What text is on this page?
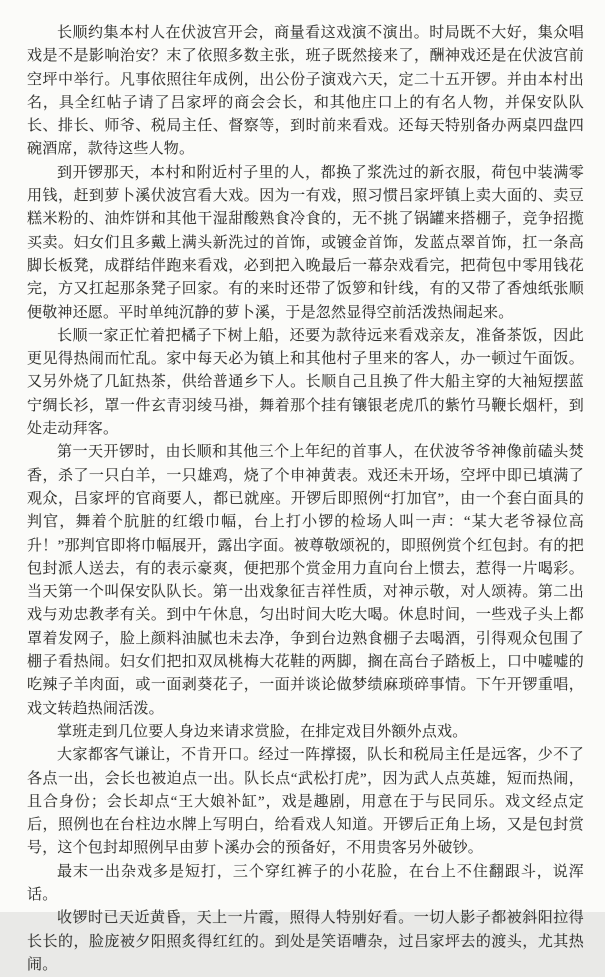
长顺约集本村人在伏波宫开会，商量看这戏演不演出。时局既不大好，集众唱戏是不是影响治安？末了依照多数主张，班子既然接来了，酬神戏还是在伏波宫前空坪中举行。凡事依照往年成例，出公份子演戏六天，定二十五开锣。并由本村出名，具全红帖子请了吕家坪的商会会长，和其他庄口上的有名人物，并保安队队长、排长、师爷、税局主任、督察等，到时前来看戏。还每天特别备办两桌四盘四碗酒席，款待这些人物。

到开锣那天，本村和附近村子里的人，都换了浆洗过的新衣服，荷包中装满零用钱，赶到萝卜溪伏波宫看大戏。因为一有戏，照习惯吕家坪镇上卖大面的、卖豆糕米粉的、油炸饼和其他干湿甜酸熟食冷食的，无不挑了锅罐来搭棚子，竞争招揽买卖。妇女们且多戴上满头新洗过的首饰，或镀金首饰，发蓝点翠首饰，扛一条高脚长板凳，成群结伴跑来看戏，必到把入晚最后一幕杂戏看完，把荷包中零用钱花完，方又扛起那条凳子回家。有的来时还带了饭箩和针线，有的又带了香烛纸张顺便敬神还愿。平时单纯沉静的萝卜溪，于是忽然显得空前活泼热闹起来。

长顺一家正忙着把橘子下树上船，还要为款待远来看戏亲友，准备茶饭，因此更见得热闹而忙乱。家中每天必为镇上和其他村子里来的客人，办一顿过午面饭。又另外烧了几缸热茶，供给普通乡下人。长顺自己且换了件大船主穿的大袖短摆蓝宁绸长衫，罩一件玄青羽绫马褂，舞着那个挂有镶银老虎爪的紫竹马鞭长烟杆，到处走动拜客。

第一天开锣时，由长顺和其他三个上年纪的首事人，在伏波爷爷神像前磕头焚香，杀了一只白羊，一只雄鸡，烧了个申神黄表。戏还未开场，空坪中即已填满了观众，吕家坪的官商要人，都已就座。开锣后即照例“打加官”，由一个套白面具的判官，舞着个肮脏的红缎巾幅，台上打小锣的检场人叫一声：“某大老爷禄位高升！”那判官即将巾幅展开，露出字面。被尊敬颂祝的，即照例赏个红包封。有的把包封派人送去，有的表示豪爽，便把那个赏金用力直向台上惯去，惹得一片喝彩。当天第一个叫保安队队长。第一出戏象征吉祥性质，对神示敬，对人颂祷。第二出戏与劝忠教孝有关。到中午休息，匀出时间大吃大喝。休息时间，一些戏子头上都罩着发网子，脸上颜料油腻也未去净，争到台边熟食棚子去喝酒，引得观众包围了棚子看热闹。妇女们把扣双凤桃梅大花鞋的两脚，搁在高台子踏板上，口中嘘嘘的吃辣子羊肉面，或一面剥葵花子，一面并谈论做梦绩麻琐碎事情。下午开锣重唱，戏文转趋热闹活泼。

掌班走到几位要人身边来请求赏脸，在排定戏目外额外点戏。

大家都客气谦让，不肯开口。经过一阵撑掇，队长和税局主任是远客，少不了各点一出，会长也被迫点一出。队长点“武松打虎”，因为武人点英雄，短而热闹，且合身份；会长却点“王大娘补缸”，戏是趣剧，用意在于与民同乐。戏文经点定后，照例也在台柱边水牌上写明白，给看戏人知道。开锣后正角上场，又是包封赏号，这个包封却照例早由萝卜溪办会的预备好，不用贵客另外破钞。

最末一出杂戏多是短打，三个穿红裤子的小花脸，在台上不住翻跟斗，说浑话。

收锣时已天近黄昏，天上一片霞，照得人特别好看。一切人影子都被斜阳拉得长长的，脸庞被夕阳照炙得红红的。到处是笑语嘈杂，过吕家坪去的渡头，尤其热闹。
